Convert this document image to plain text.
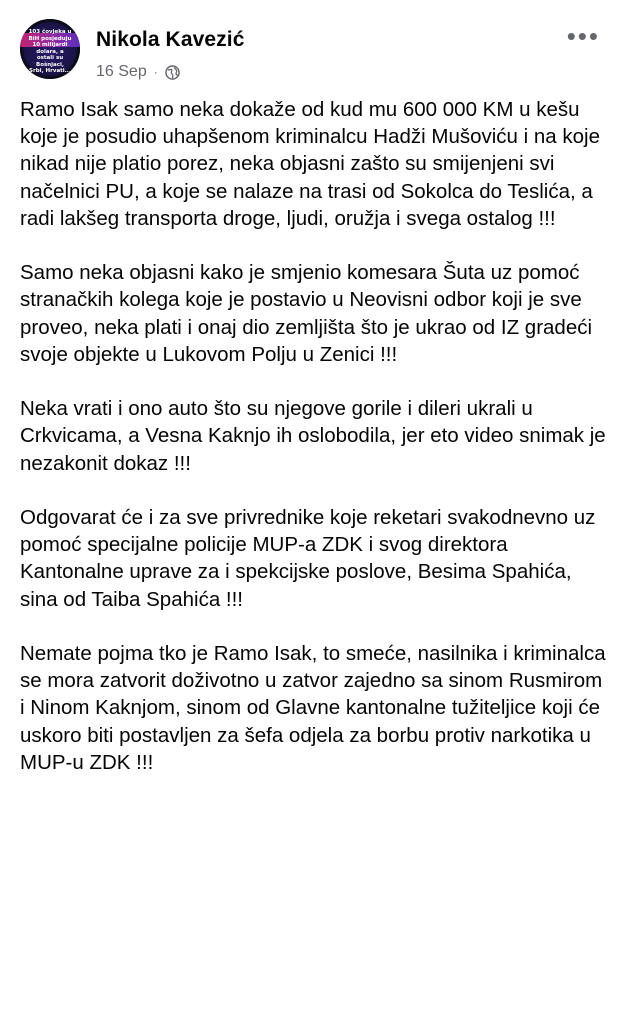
103 čovjeka u BiH posjeduju 10 milijardi dolara, a ostali su Bošnjaci, Srbi, Hrvati...
Nikola Kavezić
16 Sep ·
•••

Ramo Isak samo neka dokaže od kud mu 600 000 KM u kešu koje je posudio uhapšenom kriminalcu Hadži Mušoviću i na koje nikad nije platio porez, neka objasni zašto su smijenjeni svi načelnici PU, a koje se nalaze na trasi od Sokolca do Teslića, a radi lakšeg transporta droge, ljudi, oružja i svega ostalog !!!

Samo neka objasni kako je smjenio komesara Šuta uz pomoć stranačkih kolega koje je postavio u Neovisni odbor koji je sve proveo, neka plati i onaj dio zemljišta što je ukrao od IZ gradeći svoje objekte u Lukovom Polju u Zenici !!!

Neka vrati i ono auto što su njegove gorile i dileri ukrali u Crkvicama, a Vesna Kaknjo ih oslobodila, jer eto video snimak je nezakonit dokaz !!!

Odgovarat će i za sve privrednike koje reketari svakodnevno uz pomoć specijalne policije MUP-a ZDK i svog direktora Kantonalne uprave za i spekcijske poslove, Besima Spahića, sina od Taiba Spahića !!!

Nemate pojma tko je Ramo Isak, to smeće, nasilnika i kriminalca se mora zatvorit doživotno u zatvor zajedno sa sinom Rusmirom i Ninom Kaknjom, sinom od Glavne kantonalne tužiteljice koji će uskoro biti postavljen za šefa odjela za borbu protiv narkotika u MUP-u ZDK !!!
